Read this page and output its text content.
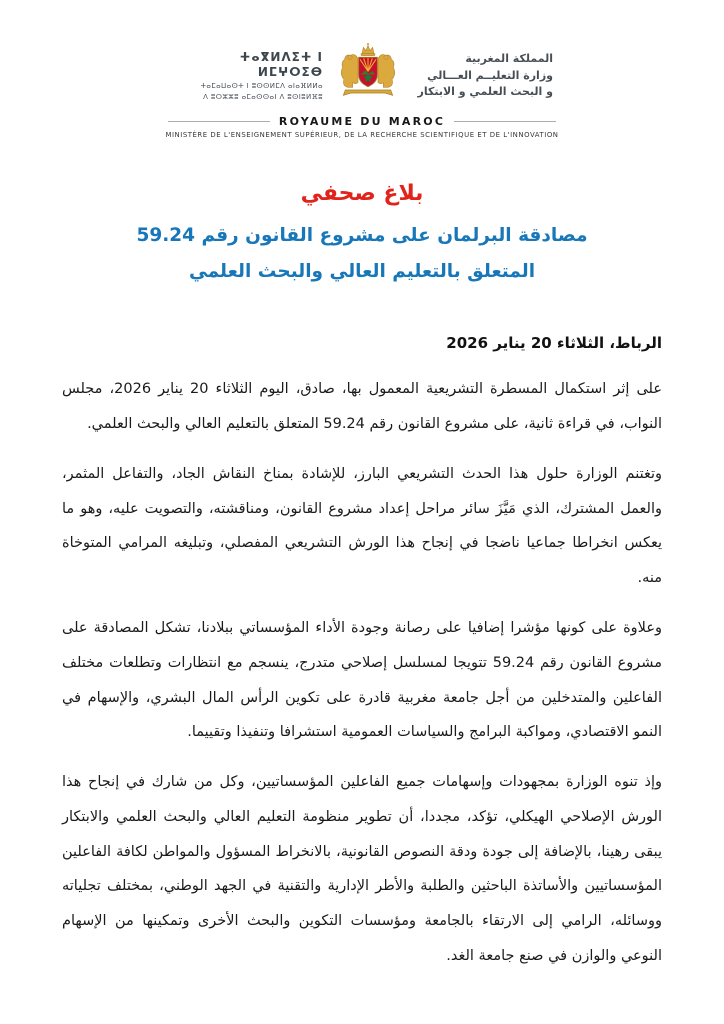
ⵜⴰⴳⵍⴷⵉⵜ ⵏ ⵍⵎⵖⵔⵉⴱ
ⵜⴰⵎⴰⵡⴰⵙⵜ ⵏ ⵓⵙⵙⵍⵎⴷ ⴰⵏⴰⴼⵍⵍⴰ
ⴷ ⵓⵔⵣⵣⵓ ⴰⵎⴰⵙⵙⴰⵏ ⴷ ⵓⵙⵏⵓⵍⴼⵓ
المملكة المغربية
وزارة التعليــم العـــالي
و البحث العلمي و الابتكار
ROYAUME DU MAROC
MINISTÈRE DE L'ENSEIGNEMENT SUPÉRIEUR, DE LA RECHERCHE SCIENTIFIQUE ET DE L'INNOVATION
بلاغ صحفي
مصادقة البرلمان على مشروع القانون رقم 59.24
المتعلق بالتعليم العالي والبحث العلمي
الرباط، الثلاثاء 20 يناير 2026

على إثر استكمال المسطرة التشريعية المعمول بها، صادق، اليوم الثلاثاء 20 يناير 2026، مجلس النواب، في قراءة ثانية، على مشروع القانون رقم 59.24 المتعلق بالتعليم العالي والبحث العلمي.

وتغتنم الوزارة حلول هذا الحدث التشريعي البارز، للإشادة بمناخ النقاش الجاد، والتفاعل المثمر، والعمل المشترك، الذي مَيَّزَ سائر مراحل إعداد مشروع القانون، ومناقشته، والتصويت عليه، وهو ما يعكس انخراطا جماعيا ناضجا في إنجاح هذا الورش التشريعي المفصلي، وتبليغه المرامي المتوخاة منه.

وعلاوة على كونها مؤشرا إضافيا على رصانة وجودة الأداء المؤسساتي ببلادنا، تشكل المصادقة على مشروع القانون رقم 59.24 تتويجا لمسلسل إصلاحي متدرج، ينسجم مع انتظارات وتطلعات مختلف الفاعلين والمتدخلين من أجل جامعة مغربية قادرة على تكوين الرأس المال البشري، والإسهام في النمو الاقتصادي، ومواكبة البرامج والسياسات العمومية استشرافا وتنفيذا وتقييما.

وإذ تنوه الوزارة بمجهودات وإسهامات جميع الفاعلين المؤسساتيين، وكل من شارك في إنجاح هذا الورش الإصلاحي الهيكلي، تؤكد، مجددا، أن تطوير منظومة التعليم العالي والبحث العلمي والابتكار يبقى رهينا، بالإضافة إلى جودة ودقة النصوص القانونية، بالانخراط المسؤول والمواطن لكافة الفاعلين المؤسساتيين والأساتذة الباحثين والطلبة والأطر الإدارية والتقنية في الجهد الوطني، بمختلف تجلياته ووسائله، الرامي إلى الارتقاء بالجامعة ومؤسسات التكوين والبحث الأخرى وتمكينها من الإسهام النوعي والوازن في صنع جامعة الغد.
